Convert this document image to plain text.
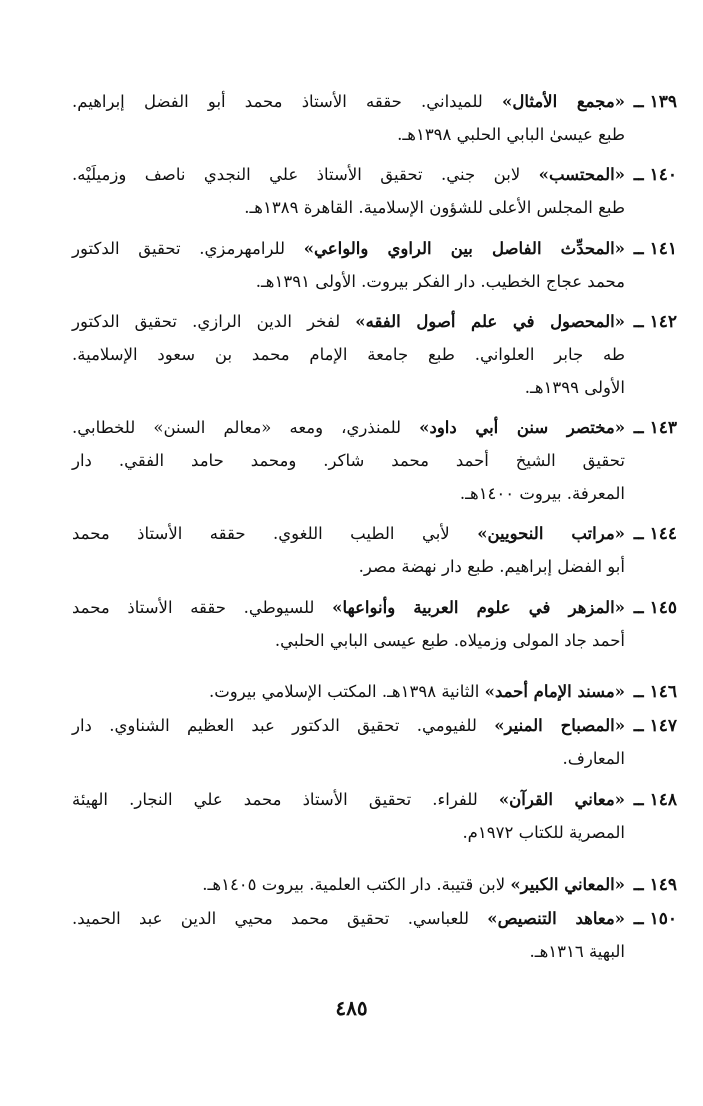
١٣٩ ــ
«مجمع الأمثال» للميداني. حققه الأستاذ محمد أبو الفضل إبراهيم.
طبع عيسىٰ البابي الحلبي ١٣٩٨هـ.
١٤٠ ــ
«المحتسب» لابن جني. تحقيق الأستاذ علي النجدي ناصف وزميلَيْه.
طبع المجلس الأعلى للشؤون الإسلامية. القاهرة ١٣٨٩هـ.
١٤١ ــ
«المحدِّث الفاصل بين الراوي والواعي» للرامهرمزي. تحقيق الدكتور
محمد عجاج الخطيب. دار الفكر بيروت. الأولى ١٣٩١هـ.
١٤٢ ــ
«المحصول في علم أصول الفقه» لفخر الدين الرازي. تحقيق الدكتور
طه جابر العلواني. طبع جامعة الإمام محمد بن سعود الإسلامية.
الأولى ١٣٩٩هـ.
١٤٣ ــ
«مختصر سنن أبي داود» للمنذري، ومعه «معالم السنن» للخطابي.
تحقيق الشيخ أحمد محمد شاكر. ومحمد حامد الفقي. دار
المعرفة. بيروت ١٤٠٠هـ.
١٤٤ ــ
«مراتب النحويين» لأبي الطيب اللغوي. حققه الأستاذ محمد
أبو الفضل إبراهيم. طبع دار نهضة مصر.
١٤٥ ــ
«المزهر في علوم العربية وأنواعها» للسيوطي. حققه الأستاذ محمد
أحمد جاد المولى وزميلاه. طبع عيسى البابي الحلبي.
١٤٦ ــ
«مسند الإمام أحمد» الثانية ١٣٩٨هـ. المكتب الإسلامي بيروت.
١٤٧ ــ
«المصباح المنير» للفيومي. تحقيق الدكتور عبد العظيم الشناوي. دار
المعارف.
١٤٨ ــ
«معاني القرآن» للفراء. تحقيق الأستاذ محمد علي النجار. الهيئة
المصرية للكتاب ١٩٧٢م.
١٤٩ ــ
«المعاني الكبير» لابن قتيبة. دار الكتب العلمية. بيروت ١٤٠٥هـ.
١٥٠ ــ
«معاهد التنصيص» للعباسي. تحقيق محمد محيي الدين عبد الحميد.
البهية ١٣١٦هـ.
٤٨٥
